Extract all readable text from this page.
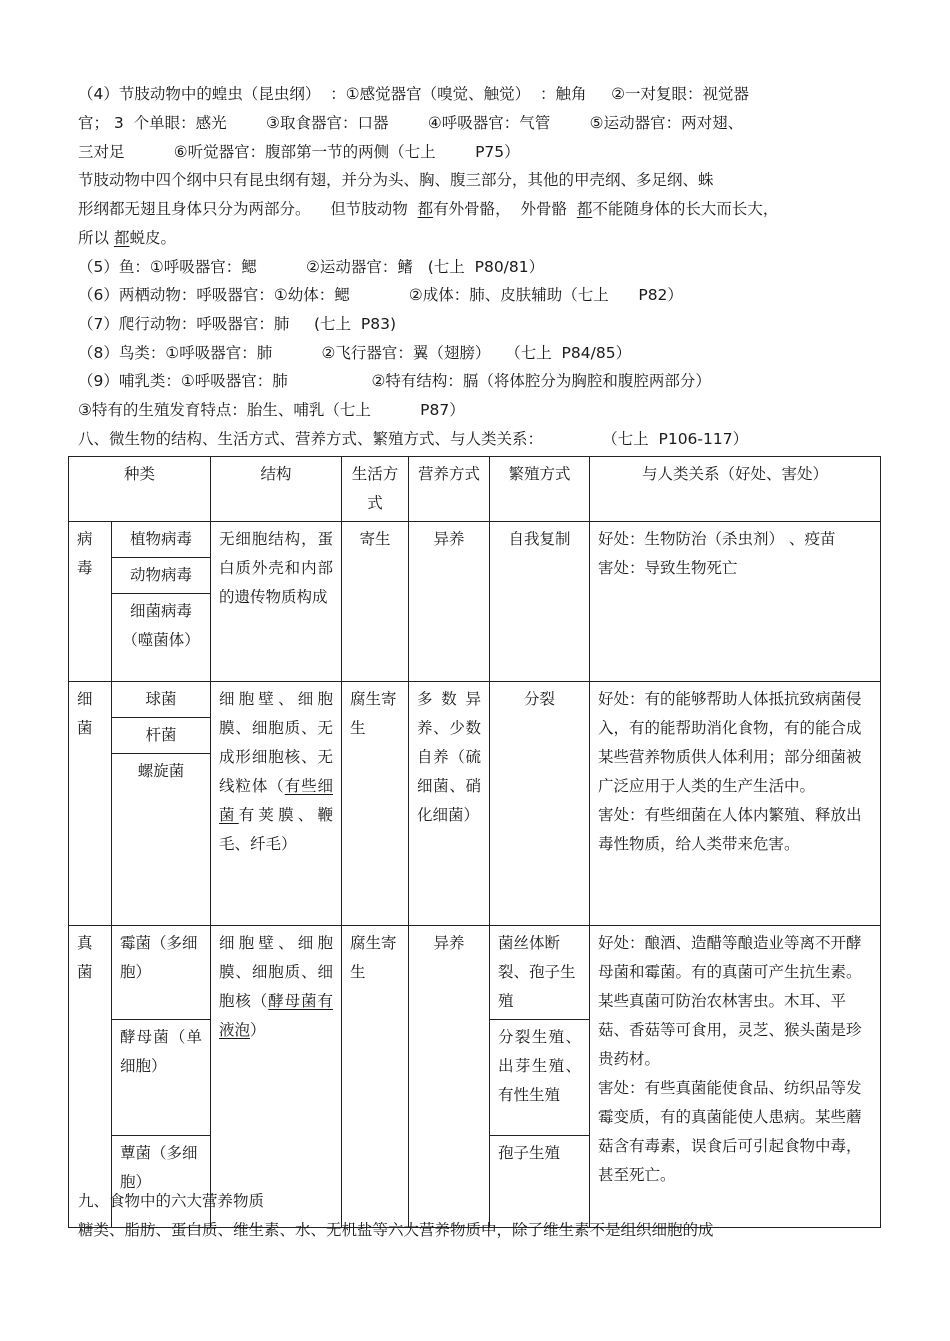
（4）节肢动物中的蝗虫（昆虫纲）  ：①感觉器官（嗅觉、触觉）  ：触角     ②一对复眼：视觉器
官； 3  个单眼：感光        ③取食器官：口器        ④呼吸器官：气管        ⑤运动器官：两对翅、
三对足          ⑥听觉器官：腹部第一节的两侧（七上        P75）
节肢动物中四个纲中只有昆虫纲有翅，并分为头、胸、腹三部分，其他的甲壳纲、多足纲、蛛
形纲都无翅且身体只分为两部分。    但节肢动物  都有外骨骼，  外骨骼  都不能随身体的长大而长大，
所以 都蜕皮。
（5）鱼：①呼吸器官：鳃          ②运动器官：鳍   (七上  P80/81）
（6）两栖动物：呼吸器官：①幼体：鳃            ②成体：肺、皮肤辅助（七上      P82）
（7）爬行动物：呼吸器官：肺     (七上  P83)
（8）鸟类：①呼吸器官：肺          ②飞行器官：翼（翅膀）   （七上  P84/85）
（9）哺乳类：①呼吸器官：肺                 ②特有结构：膈（将体腔分为胸腔和腹腔两部分）
③特有的生殖发育特点：胎生、哺乳（七上          P87）
八、微生物的结构、生活方式、营养方式、繁殖方式、与人类关系：            （七上  P106-117）
种类		结构	生活方式	营养方式	繁殖方式	与人类关系（好处、害处）
病毒	植物病毒	无细胞结构，蛋白质外壳和内部的遗传物质构成	寄生	异养	自我复制	好处：生物防治（杀虫剂） 、疫苗
害处：导致生物死亡

	动物病毒					
	细菌病毒（噬菌体）					
细菌	球菌	细胞壁、细胞膜、细胞质、无成形细胞核、无线粒体（有些细菌有荚膜、鞭毛、纤毛）	腐生寄生	多数异养、少数自养（硫细菌、硝化细菌）	分裂	好处：有的能够帮助人体抵抗致病菌侵入，有的能帮助消化食物，有的能合成某些营养物质供人体利用；部分细菌被广泛应用于人类的生产生活中。
害处：有些细菌在人体内繁殖、释放出毒性物质，给人类带来危害。

	杆菌					
	螺旋菌					
真菌	霉菌（多细胞）	细胞壁、细胞膜、细胞质、细胞核（酵母菌有液泡）	腐生寄生	异养	菌丝体断裂、孢子生殖	好处：酿酒、造醋等酿造业等离不开酵母菌和霉菌。有的真菌可产生抗生素。某些真菌可防治农林害虫。木耳、平菇、香菇等可食用，灵芝、猴头菌是珍贵药材。
害处：有些真菌能使食品、纺织品等发霉变质，有的真菌能使人患病。某些蘑菇含有毒素，误食后可引起食物中毒，甚至死亡。

	酵母菌（单细胞）				分裂生殖、出芽生殖、有性生殖	

	蕈菌（多细胞）				孢子生殖	
九、食物中的六大营养物质
糖类、脂肪、蛋白质、维生素、水、无机盐等六大营养物质中，除了维生素不是组织细胞的成
